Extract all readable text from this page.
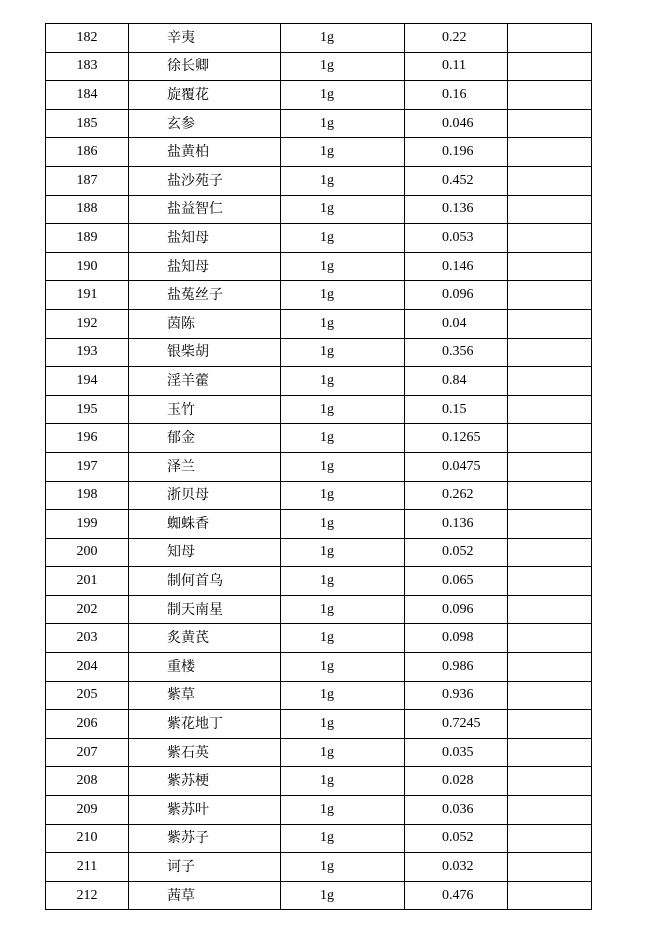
182	辛夷	1g	0.22	
183	徐长卿	1g	0.11	
184	旋覆花	1g	0.16	
185	玄参	1g	0.046	
186	盐黄柏	1g	0.196	
187	盐沙苑子	1g	0.452	
188	盐益智仁	1g	0.136	
189	盐知母	1g	0.053	
190	盐知母	1g	0.146	
191	盐菟丝子	1g	0.096	
192	茵陈	1g	0.04	
193	银柴胡	1g	0.356	
194	淫羊藿	1g	0.84	
195	玉竹	1g	0.15	
196	郁金	1g	0.1265	
197	泽兰	1g	0.0475	
198	浙贝母	1g	0.262	
199	蜘蛛香	1g	0.136	
200	知母	1g	0.052	
201	制何首乌	1g	0.065	
202	制天南星	1g	0.096	
203	炙黄芪	1g	0.098	
204	重楼	1g	0.986	
205	紫草	1g	0.936	
206	紫花地丁	1g	0.7245	
207	紫石英	1g	0.035	
208	紫苏梗	1g	0.028	
209	紫苏叶	1g	0.036	
210	紫苏子	1g	0.052	
211	诃子	1g	0.032	
212	茜草	1g	0.476	
